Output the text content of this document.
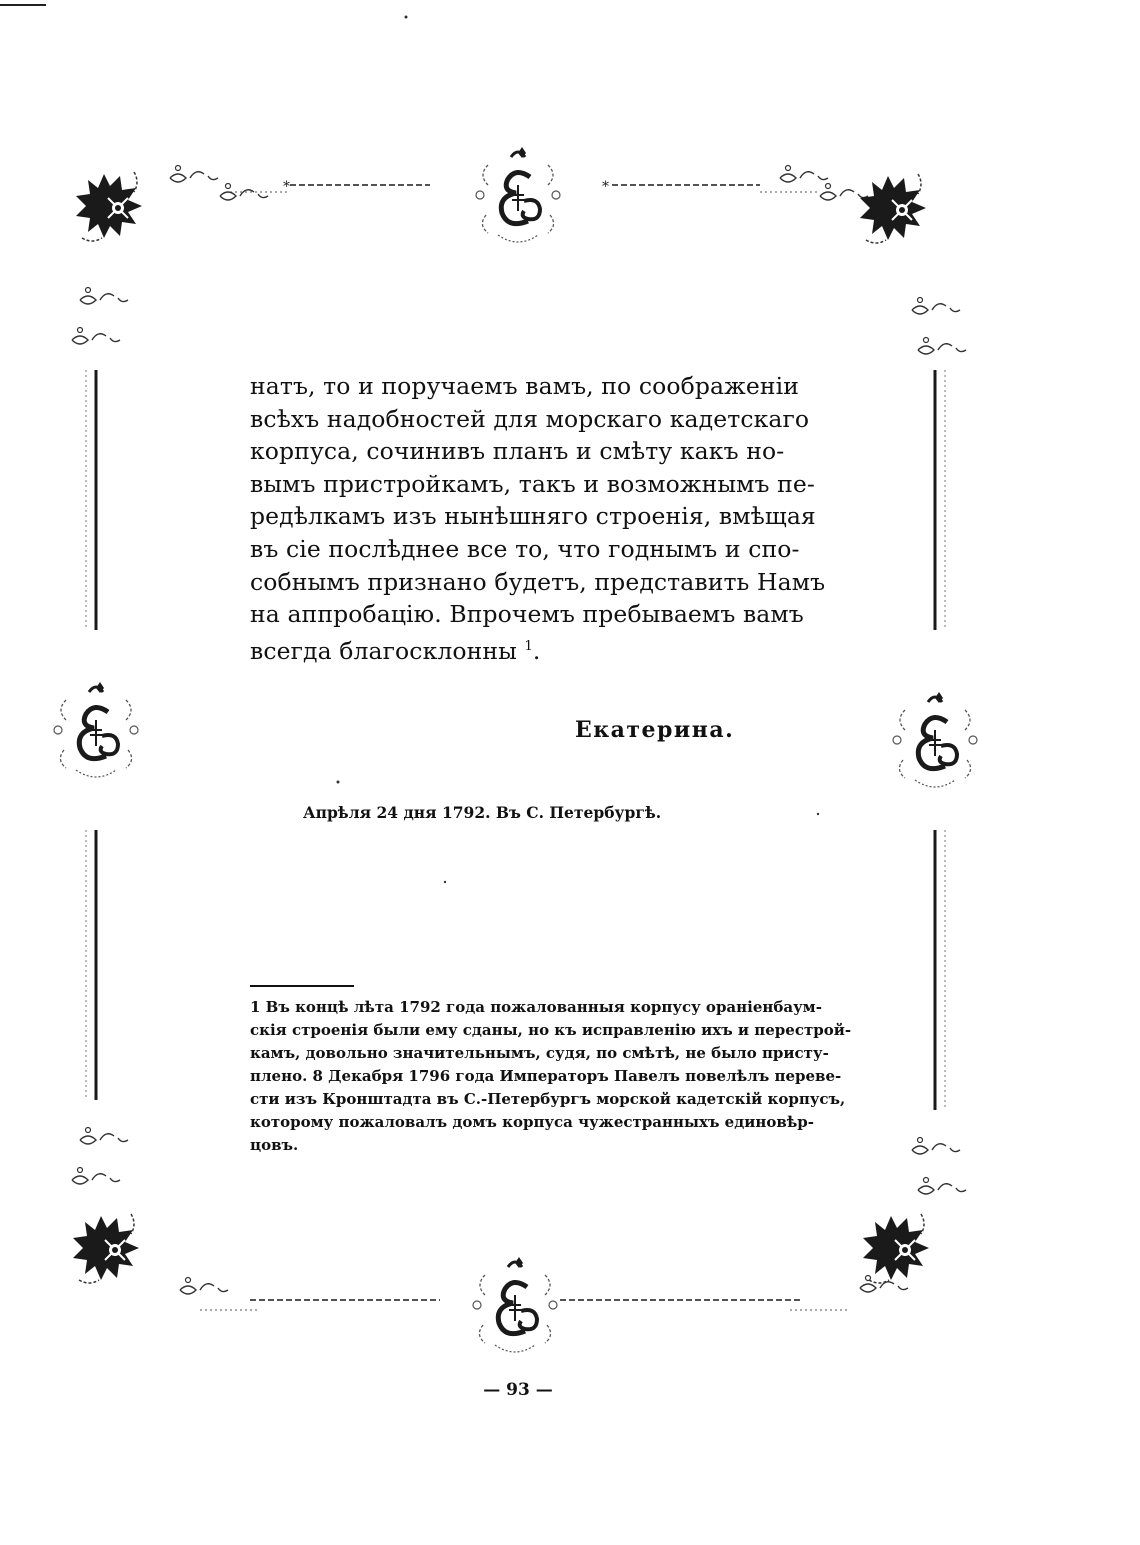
*	*
натъ, то и поручаемъ вамъ, по соображеніи
всѣхъ надобностей для морскаго кадетскаго
корпуса, сочинивъ планъ и смѣту какъ но-
вымъ пристройкамъ, такъ и возможнымъ пе-
редѣлкамъ изъ нынѣшняго строенія, вмѣщая
въ сіе послѣднее все то, что годнымъ и спо-
собнымъ признано будетъ, представить Намъ
на аппробацію. Впрочемъ пребываемъ вамъ
всегда благосклонны $^1$.
Екатерина.
Апрѣля 24 дня 1792. Въ С. Петербургѣ.
1 Въ концѣ лѣта 1792 года пожалованныя корпусу ораніенбаум-
скія строенія были ему сданы, но къ исправленію ихъ и перестрой-
камъ, довольно значительнымъ, судя, по смѣтѣ, не было присту-
плено. 8 Декабря 1796 года Императоръ Павелъ повелѣлъ переве-
сти изъ Кронштадта въ С.-Петербургъ морской кадетскій корпусъ,
которому пожаловалъ домъ корпуса чужестранныхъ единовѣр-
цовъ.
— 93 —
